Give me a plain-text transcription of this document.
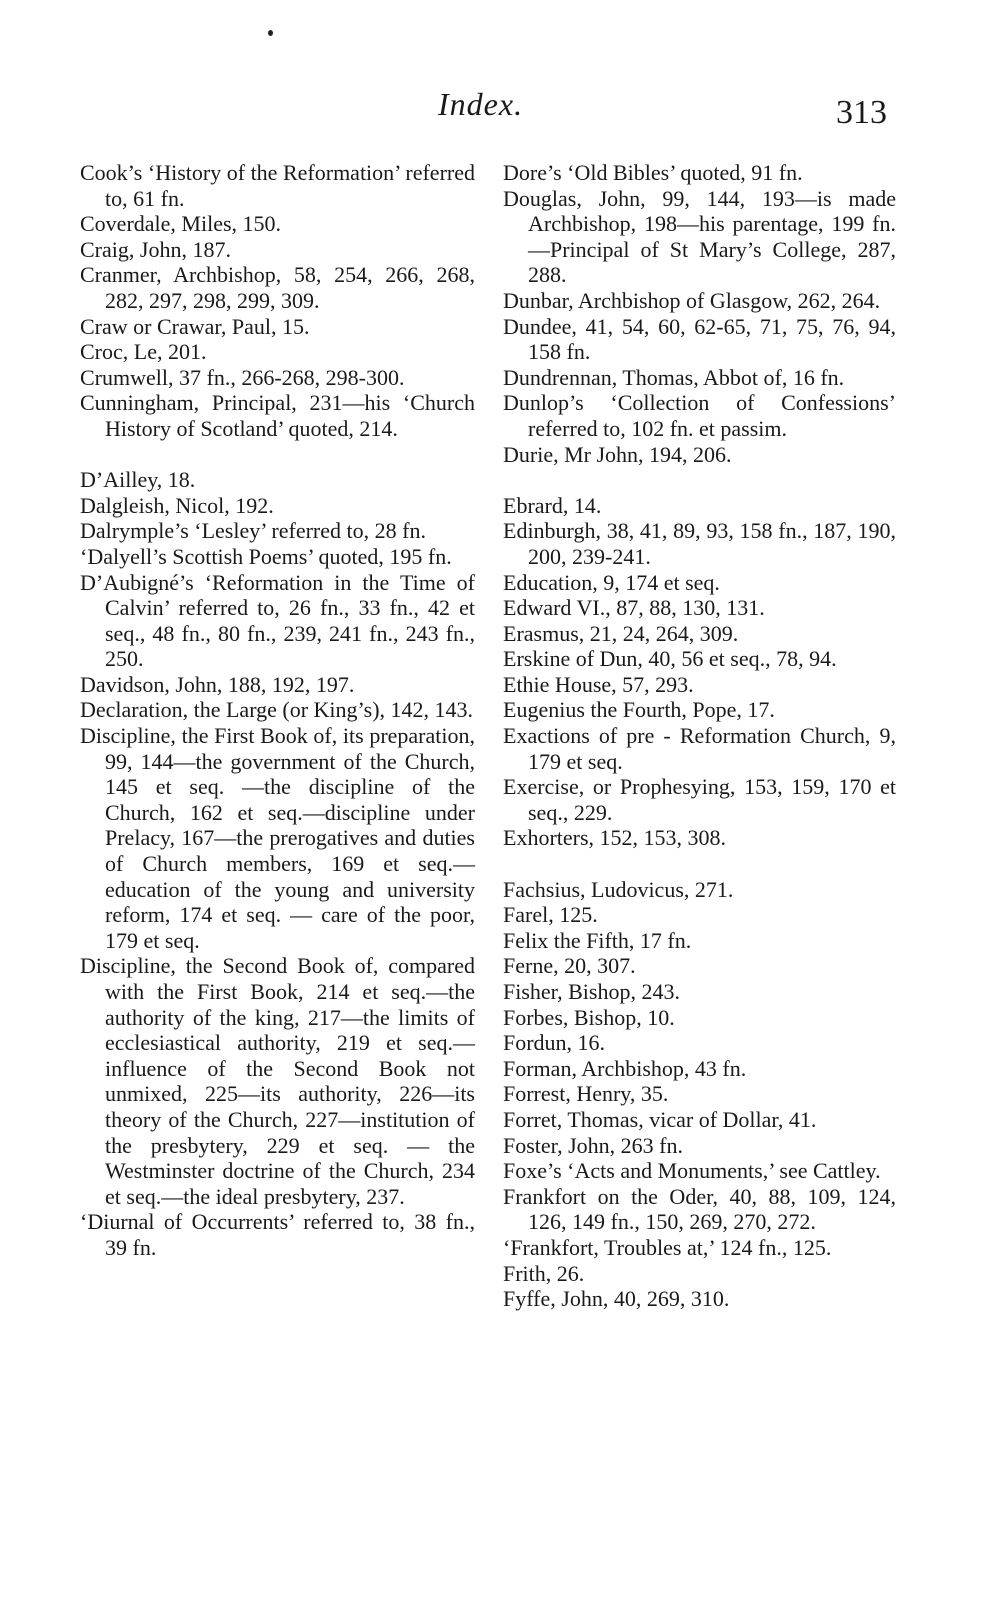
Index.	313

Cook’s ‘History of the Reformation’ referred to, 61 fn.

Coverdale, Miles, 150.

Craig, John, 187.

Cranmer, Archbishop, 58, 254, 266, 268, 282, 297, 298, 299, 309.

Craw or Crawar, Paul, 15.

Croc, Le, 201.

Crumwell, 37 fn., 266-268, 298-300.

Cunningham, Principal, 231—his ‘Church History of Scotland’ quoted, 214.

D’Ailley, 18.

Dalgleish, Nicol, 192.

Dalrymple’s ‘Lesley’ referred to, 28 fn.

‘Dalyell’s Scottish Poems’ quoted, 195 fn.

D’Aubigné’s ‘Reformation in the Time of Calvin’ referred to, 26 fn., 33 fn., 42 et seq., 48 fn., 80 fn., 239, 241 fn., 243 fn., 250.

Davidson, John, 188, 192, 197.

Declaration, the Large (or King’s), 142, 143.

Discipline, the First Book of, its preparation, 99, 144—the government of the Church, 145 et seq. —the discipline of the Church, 162 et seq.—discipline under Prelacy, 167—the prerogatives and duties of Church members, 169 et seq.—education of the young and university reform, 174 et seq. — care of the poor, 179 et seq.

Discipline, the Second Book of, compared with the First Book, 214 et seq.—the authority of the king, 217—the limits of ecclesiastical authority, 219 et seq.— influence of the Second Book not unmixed, 225—its authority, 226—its theory of the Church, 227—institution of the presbytery, 229 et seq. — the Westminster doctrine of the Church, 234 et seq.—the ideal presbytery, 237.

‘Diurnal of Occurrents’ referred to, 38 fn., 39 fn.

Dore’s ‘Old Bibles’ quoted, 91 fn.

Douglas, John, 99, 144, 193—is made Archbishop, 198—his parentage, 199 fn.—Principal of St Mary’s College, 287, 288.

Dunbar, Archbishop of Glasgow, 262, 264.

Dundee, 41, 54, 60, 62-65, 71, 75, 76, 94, 158 fn.

Dundrennan, Thomas, Abbot of, 16 fn.

Dunlop’s ‘Collection of Confessions’ referred to, 102 fn. et passim.

Durie, Mr John, 194, 206.

Ebrard, 14.

Edinburgh, 38, 41, 89, 93, 158 fn., 187, 190, 200, 239-241.

Education, 9, 174 et seq.

Edward VI., 87, 88, 130, 131.

Erasmus, 21, 24, 264, 309.

Erskine of Dun, 40, 56 et seq., 78, 94.

Ethie House, 57, 293.

Eugenius the Fourth, Pope, 17.

Exactions of pre - Reformation Church, 9, 179 et seq.

Exercise, or Prophesying, 153, 159, 170 et seq., 229.

Exhorters, 152, 153, 308.

Fachsius, Ludovicus, 271.

Farel, 125.

Felix the Fifth, 17 fn.

Ferne, 20, 307.

Fisher, Bishop, 243.

Forbes, Bishop, 10.

Fordun, 16.

Forman, Archbishop, 43 fn.

Forrest, Henry, 35.

Forret, Thomas, vicar of Dollar, 41.

Foster, John, 263 fn.

Foxe’s ‘Acts and Monuments,’ see Cattley.

Frankfort on the Oder, 40, 88, 109, 124, 126, 149 fn., 150, 269, 270, 272.

‘Frankfort, Troubles at,’ 124 fn., 125.

Frith, 26.

Fyffe, John, 40, 269, 310.
